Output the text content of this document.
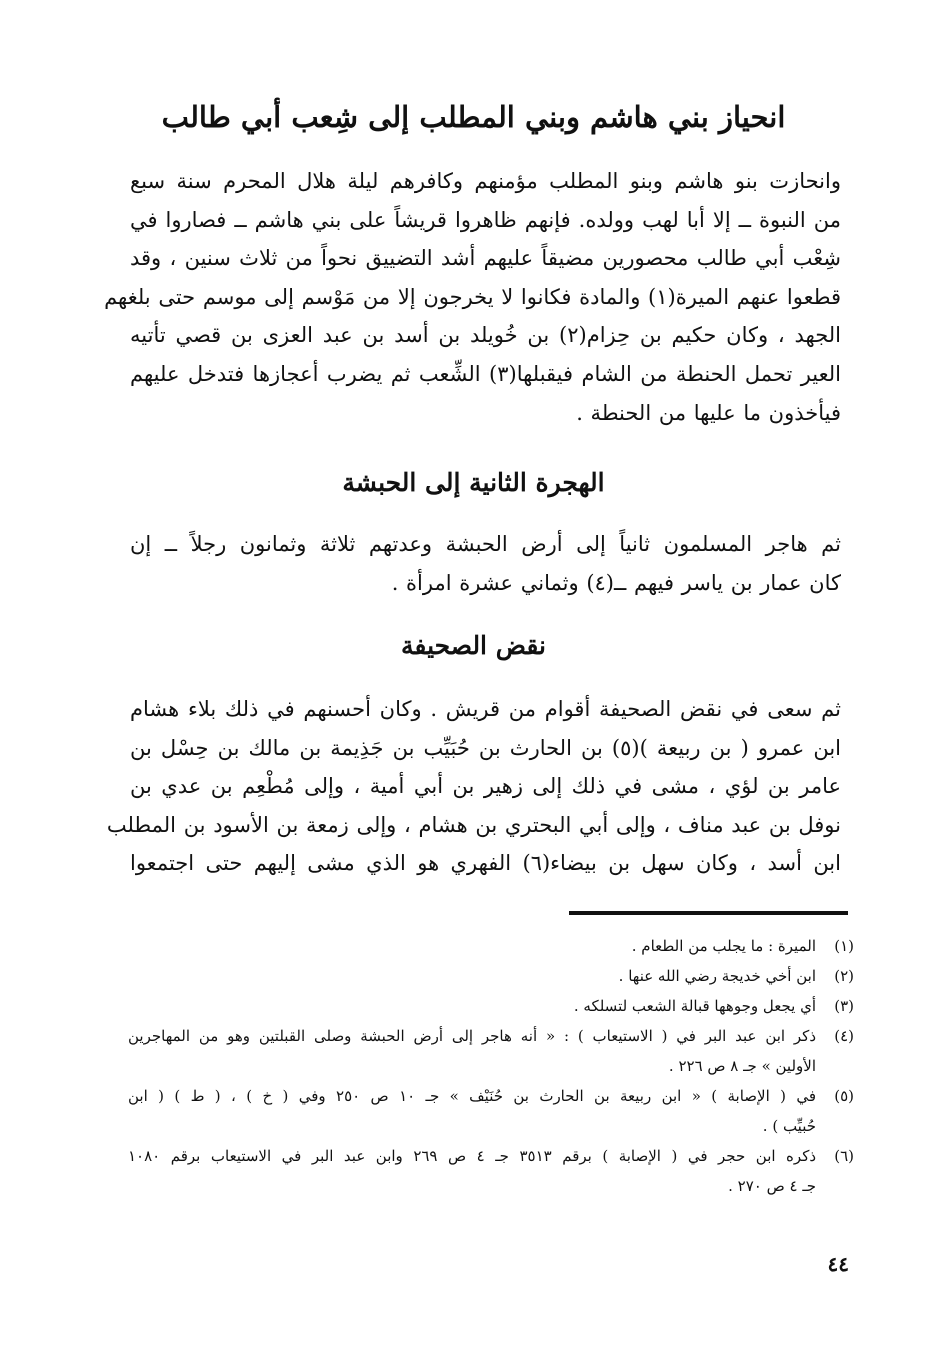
انحياز بني هاشم وبني المطلب إلى شِعب أبي طالب
وانحازت بنو هاشم وبنو المطلب مؤمنهم وكافرهم ليلة هلال المحرم سنة سبع
من النبوة ــ إلا أبا لهب وولده. فإنهم ظاهروا قريشاً على بني هاشم ــ فصاروا في
شِعْب أبي طالب محصورين مضيقاً عليهم أشد التضييق نحواً من ثلاث سنين ، وقد
قطعوا عنهم الميرة(١) والمادة فكانوا لا يخرجون إلا من مَوْسم إلى موسم حتى بلغهم
الجهد ، وكان حكيم بن حِزام(٢) بن خُويلد بن أسد بن عبد العزى بن قصي تأتيه
العير تحمل الحنطة من الشام فيقبلها(٣) الشِّعب ثم يضرب أعجازها فتدخل عليهم
فيأخذون ما عليها من الحنطة .
الهجرة الثانية إلى الحبشة
ثم هاجر المسلمون ثانياً إلى أرض الحبشة وعدتهم ثلاثة وثمانون رجلاً ــ إن
كان عمار بن ياسر فيهم ــ(٤) وثماني عشرة امرأة .
نقض الصحيفة
ثم سعى في نقض الصحيفة أقوام من قريش . وكان أحسنهم في ذلك بلاء هشام
ابن عمرو ( بن ربيعة )(٥) بن الحارث بن حُبَيِّب بن جَذِيمة بن مالك بن حِسْل بن
عامر بن لؤي ، مشى في ذلك إلى زهير بن أبي أمية ، وإلى مُطْعِم بن عدي بن
نوفل بن عبد مناف ، وإلى أبي البحتري بن هشام ، وإلى زمعة بن الأسود بن المطلب
ابن أسد ، وكان سهل بن بيضاء(٦) الفهري هو الذي مشى إليهم حتى اجتمعوا
(١)
الميرة : ما يجلب من الطعام .
(٢)
ابن أخي خديجة رضي الله عنها .
(٣)
أي يجعل وجوهها قبالة الشعب لتسلكه .
(٤)
ذكر ابن عبد البر في ( الاستيعاب ) : « أنه هاجر إلى أرض الحبشة وصلى القبلتين وهو من المهاجرين
الأولين » جـ ٨ ص ٢٢٦ .
(٥)
في ( الإصابة ) « ابن ربيعة بن الحارث بن حُنَيْف » جـ ١٠ ص ٢٥٠ وفي ( خ ) ، ( ط ) ( ابن
حُبيِّب ) .
(٦)
ذكره ابن حجر في ( الإصابة ) برقم ٣٥١٣ جـ ٤ ص ٢٦٩ وابن عبد البر في الاستيعاب برقم ١٠٨٠
جـ ٤ ص ٢٧٠ .
٤٤
